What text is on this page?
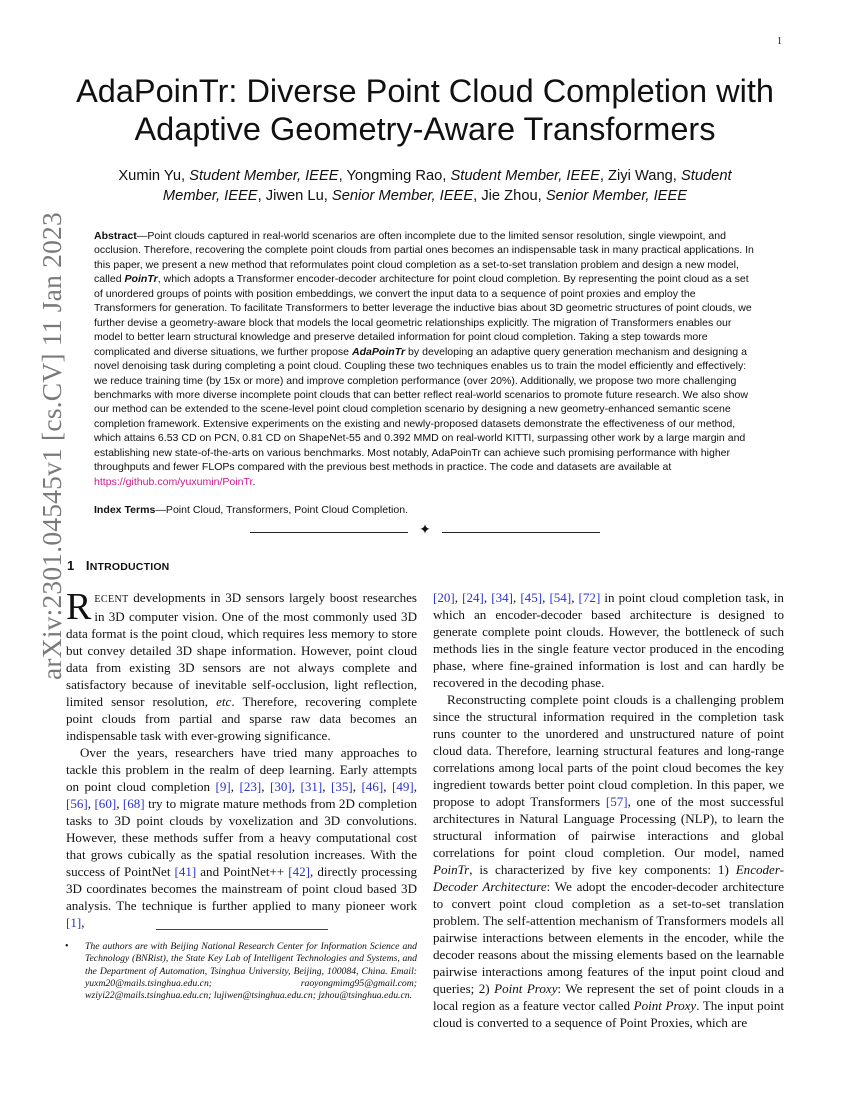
1
arXiv:2301.04545v1 [cs.CV] 11 Jan 2023
AdaPoinTr: Diverse Point Cloud Completion with Adaptive Geometry-Aware Transformers
Xumin Yu, Student Member, IEEE, Yongming Rao, Student Member, IEEE, Ziyi Wang, Student Member, IEEE, Jiwen Lu, Senior Member, IEEE, Jie Zhou, Senior Member, IEEE
Abstract—Point clouds captured in real-world scenarios are often incomplete due to the limited sensor resolution, single viewpoint, and occlusion. Therefore, recovering the complete point clouds from partial ones becomes an indispensable task in many practical applications. In this paper, we present a new method that reformulates point cloud completion as a set-to-set translation problem and design a new model, called PoinTr, which adopts a Transformer encoder-decoder architecture for point cloud completion. By representing the point cloud as a set of unordered groups of points with position embeddings, we convert the input data to a sequence of point proxies and employ the Transformers for generation. To facilitate Transformers to better leverage the inductive bias about 3D geometric structures of point clouds, we further devise a geometry-aware block that models the local geometric relationships explicitly. The migration of Transformers enables our model to better learn structural knowledge and preserve detailed information for point cloud completion. Taking a step towards more complicated and diverse situations, we further propose AdaPoinTr by developing an adaptive query generation mechanism and designing a novel denoising task during completing a point cloud. Coupling these two techniques enables us to train the model efficiently and effectively: we reduce training time (by 15x or more) and improve completion performance (over 20%). Additionally, we propose two more challenging benchmarks with more diverse incomplete point clouds that can better reflect real-world scenarios to promote future research. We also show our method can be extended to the scene-level point cloud completion scenario by designing a new geometry-enhanced semantic scene completion framework. Extensive experiments on the existing and newly-proposed datasets demonstrate the effectiveness of our method, which attains 6.53 CD on PCN, 0.81 CD on ShapeNet-55 and 0.392 MMD on real-world KITTI, surpassing other work by a large margin and establishing new state-of-the-arts on various benchmarks. Most notably, AdaPoinTr can achieve such promising performance with higher throughputs and fewer FLOPs compared with the previous best methods in practice. The code and datasets are available at https://github.com/yuxumin/PoinTr.
Index Terms—Point Cloud, Transformers, Point Cloud Completion.
✦
1 INTRODUCTION

RECENT developments in 3D sensors largely boost researches in 3D computer vision. One of the most commonly used 3D data format is the point cloud, which requires less memory to store but convey detailed 3D shape information. However, point cloud data from existing 3D sensors are not always complete and satisfactory because of inevitable self-occlusion, light reflection, limited sensor resolution, etc. Therefore, recovering complete point clouds from partial and sparse raw data becomes an indispensable task with ever-growing significance.

Over the years, researchers have tried many approaches to tackle this problem in the realm of deep learning. Early attempts on point cloud completion [9], [23], [30], [31], [35], [46], [49], [56], [60], [68] try to migrate mature methods from 2D completion tasks to 3D point clouds by voxelization and 3D convolutions. However, these methods suffer from a heavy computational cost that grows cubically as the spatial resolution increases. With the success of PointNet [41] and PointNet++ [42], directly processing 3D coordinates becomes the mainstream of point cloud based 3D analysis. The technique is further applied to many pioneer work [1],

• The authors are with Beijing National Research Center for Information Science and Technology (BNRist), the State Key Lab of Intelligent Technologies and Systems, and the Department of Automation, Tsinghua University, Beijing, 100084, China. Email: yuxm20@mails.tsinghua.edu.cn; raoyongmimg95@gmail.com; wziyi22@mails.tsinghua.edu.cn; lujiwen@tsinghua.edu.cn; jzhou@tsinghua.edu.cn.

[20], [24], [34], [45], [54], [72] in point cloud completion task, in which an encoder-decoder based architecture is designed to generate complete point clouds. However, the bottleneck of such methods lies in the single feature vector produced in the encoding phase, where fine-grained information is lost and can hardly be recovered in the decoding phase.

Reconstructing complete point clouds is a challenging problem since the structural information required in the completion task runs counter to the unordered and unstructured nature of point cloud data. Therefore, learning structural features and long-range correlations among local parts of the point cloud becomes the key ingredient towards better point cloud completion. In this paper, we propose to adopt Transformers [57], one of the most successful architectures in Natural Language Processing (NLP), to learn the structural information of pairwise interactions and global correlations for point cloud completion. Our model, named PoinTr, is characterized by five key components: 1) Encoder-Decoder Architecture: We adopt the encoder-decoder architecture to convert point cloud completion as a set-to-set translation problem. The self-attention mechanism of Transformers models all pairwise interactions between elements in the encoder, while the decoder reasons about the missing elements based on the learnable pairwise interactions among features of the input point cloud and queries; 2) Point Proxy: We represent the set of point clouds in a local region as a feature vector called Point Proxy. The input point cloud is converted to a sequence of Point Proxies, which are
